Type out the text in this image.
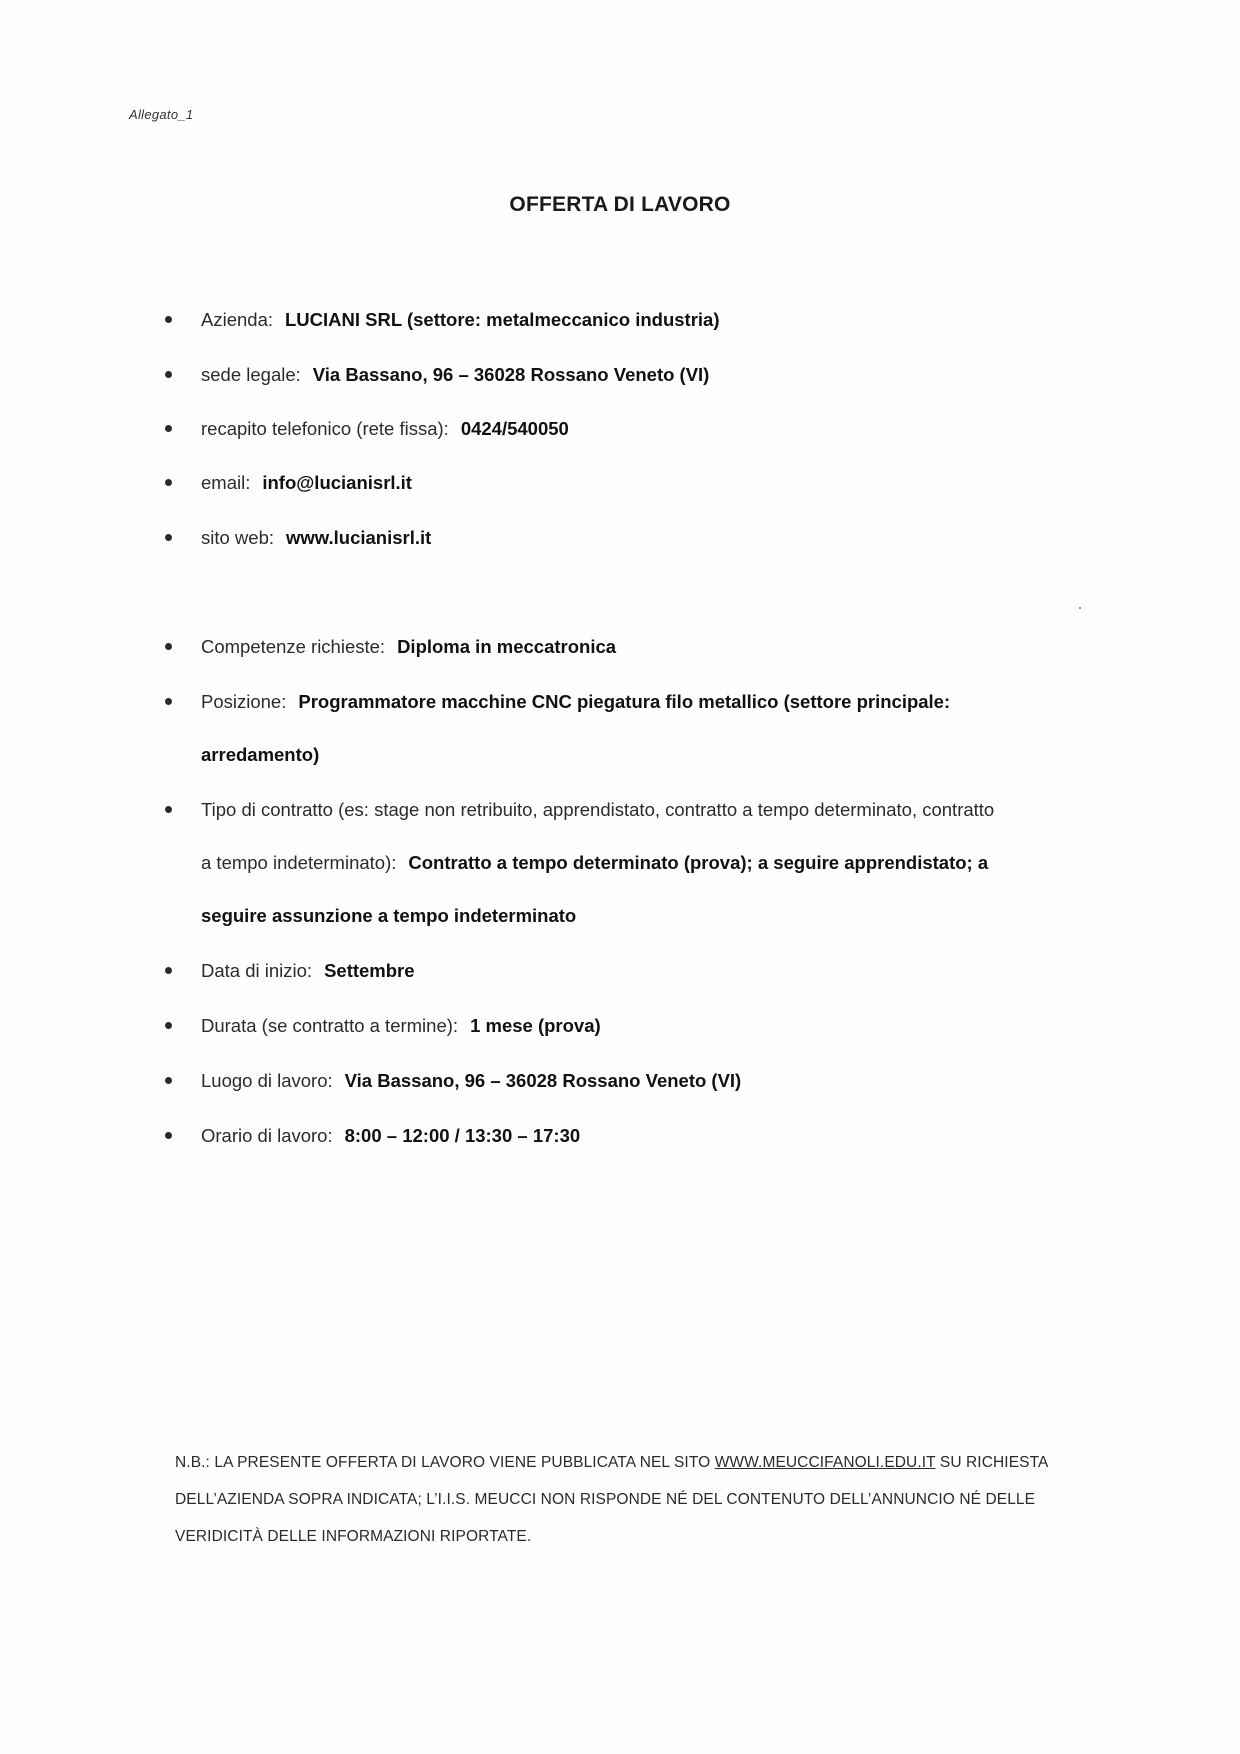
Allegato_1
OFFERTA DI LAVORO
Azienda: LUCIANI SRL (settore: metalmeccanico industria)
sede legale: Via Bassano, 96 – 36028 Rossano Veneto (VI)
recapito telefonico (rete fissa): 0424/540050
email: info@lucianisrl.it
sito web: www.lucianisrl.it
Competenze richieste: Diploma in meccatronica
Posizione: Programmatore macchine CNC piegatura filo metallico (settore principale:
arredamento)
Tipo di contratto (es: stage non retribuito, apprendistato, contratto a tempo determinato, contratto
a tempo indeterminato): Contratto a tempo determinato (prova); a seguire apprendistato; a
seguire assunzione a tempo indeterminato
Data di inizio: Settembre
Durata (se contratto a termine): 1 mese (prova)
Luogo di lavoro: Via Bassano, 96 – 36028 Rossano Veneto (VI)
Orario di lavoro: 8:00 – 12:00 / 13:30 – 17:30
N.B.: LA PRESENTE OFFERTA DI LAVORO VIENE PUBBLICATA NEL SITO WWW.MEUCCIFANOLI.EDU.IT SU RICHIESTA DELL’AZIENDA SOPRA INDICATA; L’I.I.S. MEUCCI NON RISPONDE NÉ DEL CONTENUTO DELL’ANNUNCIO NÉ DELLE VERIDICITÀ DELLE INFORMAZIONI RIPORTATE.
